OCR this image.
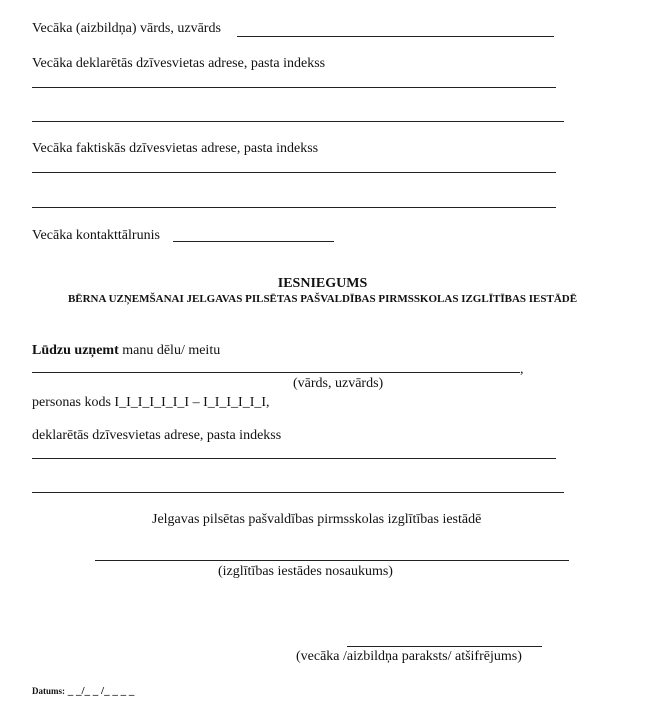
Vecāka (aizbildņa) vārds, uzvārds
Vecāka deklarētās dzīvesvietas adrese, pasta indekss
Vecāka faktiskās dzīvesvietas adrese, pasta indekss
Vecāka kontakttālrunis
IESNIEGUMS
BĒRNA UZŅEMŠANAI JELGAVAS PILSĒTAS PAŠVALDĪBAS PIRMSSKOLAS IZGLĪTĪBAS IESTĀDĒ
Lūdzu uzņemt manu dēlu/ meitu
,
(vārds, uzvārds)
personas kods I_I_I_I_I_I_I – I_I_I_I_I_I,
deklarētās dzīvesvietas adrese, pasta indekss
Jelgavas pilsētas pašvaldības pirmsskolas izglītības iestādē
(izglītības iestādes nosaukums)
(vecāka /aizbildņa paraksts/ atšifrējums)
Datums: _ _/_ _ /_ _ _ _
